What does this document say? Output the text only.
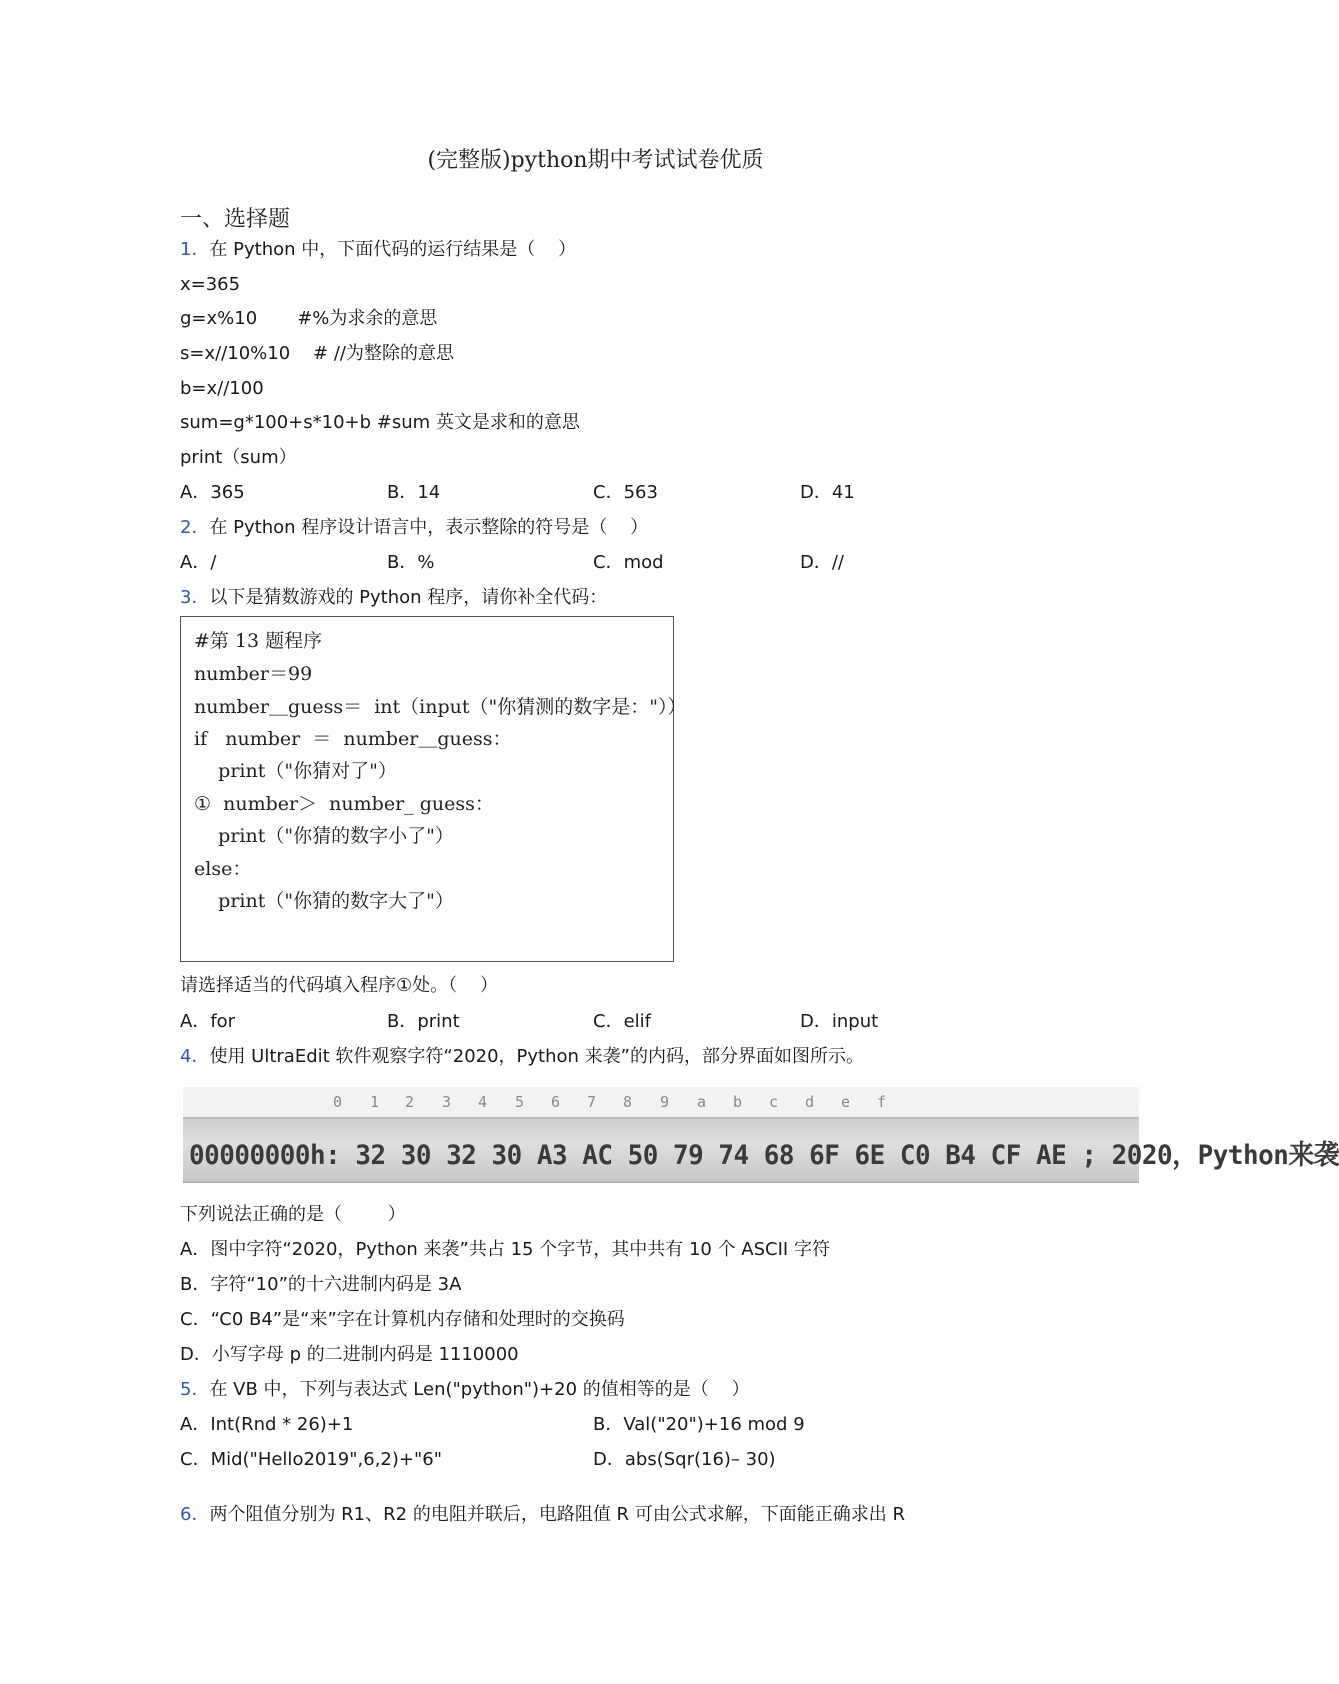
(完整版)python期中考试试卷优质
一、选择题
1．在 Python 中，下面代码的运行结果是（    ）
x=365
g=x%10       #%为求余的意思
s=x//10%10    # //为整除的意思
b=x//100
sum=g*100+s*10+b #sum 英文是求和的意思
print（sum）
A．365	B．14	C．563	D．41
2．在 Python 程序设计语言中，表示整除的符号是（    ）
A．/	B．%	C．mod	D．//
3．以下是猜数游戏的 Python 程序，请你补全代码：
#第 13 题程序
number＝99
number＿guess＝  int（input（"你猜测的数字是："））
if   number  ＝  number＿guess：
print（"你猜对了"）
①  number＞  number_ guess：
print（"你猜的数字小了"）
else：
print（"你猜的数字大了"）
请选择适当的代码填入程序①处。（    ）
A．for	B．print	C．elif	D．input
4．使用 UltraEdit 软件观察字符“2020，Python 来袭”的内码，部分界面如图所示。
0 1 2 3 4 5 6 7 8 9 a b c d e f
00000000h: 32 30 32 30 A3 AC 50 79 74 68 6F 6E C0 B4 CF AE ; 2020，Python来袭
下列说法正确的是（        ）
A．图中字符“2020，Python 来袭”共占 15 个字节，其中共有 10 个 ASCII 字符
B．字符“10”的十六进制内码是 3A
C．“C0 B4”是“来”字在计算机内存储和处理时的交换码
D．小写字母 p 的二进制内码是 1110000
5．在 VB 中，下列与表达式 Len("python")+20 的值相等的是（    ）
A．Int(Rnd * 26)+1	B．Val("20")+16 mod 9
C．Mid("Hello2019",6,2)+"6"	D．abs(Sqr(16)– 30)
6．两个阻值分别为 R1、R2 的电阻并联后，电路阻值 R 可由公式求解，下面能正确求出 R
